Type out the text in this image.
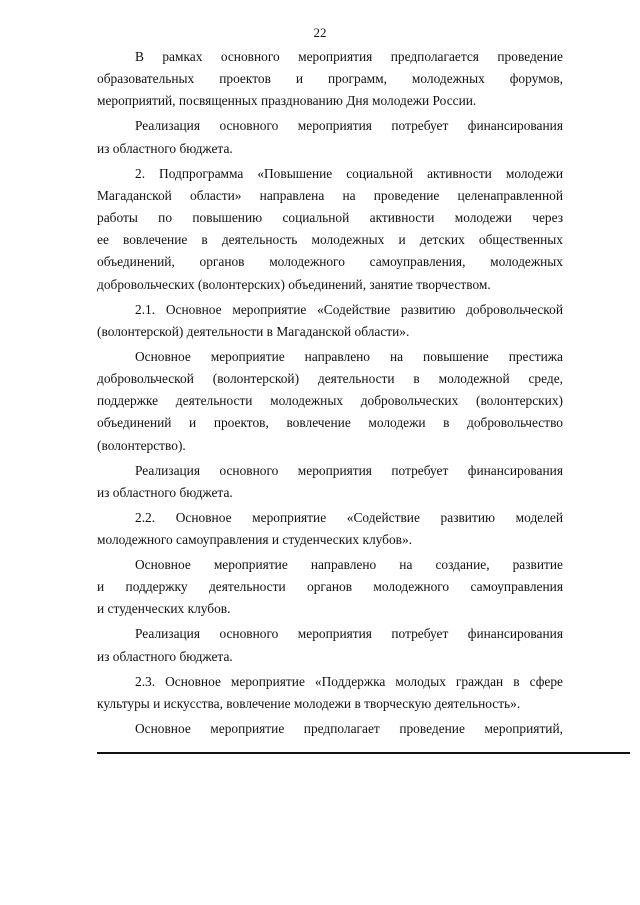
22
В рамках основного мероприятия предполагается проведение
образовательных проектов и программ, молодежных форумов,
мероприятий, посвященных празднованию Дня молодежи России.
Реализация основного мероприятия потребует финансирования
из областного бюджета.
2. Подпрограмма «Повышение социальной активности молодежи
Магаданской области» направлена на проведение целенаправленной
работы по повышению социальной активности молодежи через
ее вовлечение в деятельность молодежных и детских общественных
объединений, органов молодежного самоуправления, молодежных
добровольческих (волонтерских) объединений, занятие творчеством.
2.1. Основное мероприятие «Содействие развитию добровольческой
(волонтерской) деятельности в Магаданской области».
Основное мероприятие направлено на повышение престижа
добровольческой (волонтерской) деятельности в молодежной среде,
поддержке деятельности молодежных добровольческих (волонтерских)
объединений и проектов, вовлечение молодежи в добровольчество
(волонтерство).
Реализация основного мероприятия потребует финансирования
из областного бюджета.
2.2. Основное мероприятие «Содействие развитию моделей
молодежного самоуправления и студенческих клубов».
Основное мероприятие направлено на создание, развитие
и поддержку деятельности органов молодежного самоуправления
и студенческих клубов.
Реализация основного мероприятия потребует финансирования
из областного бюджета.
2.3. Основное мероприятие «Поддержка молодых граждан в сфере
культуры и искусства, вовлечение молодежи в творческую деятельность».
Основное мероприятие предполагает проведение мероприятий,
